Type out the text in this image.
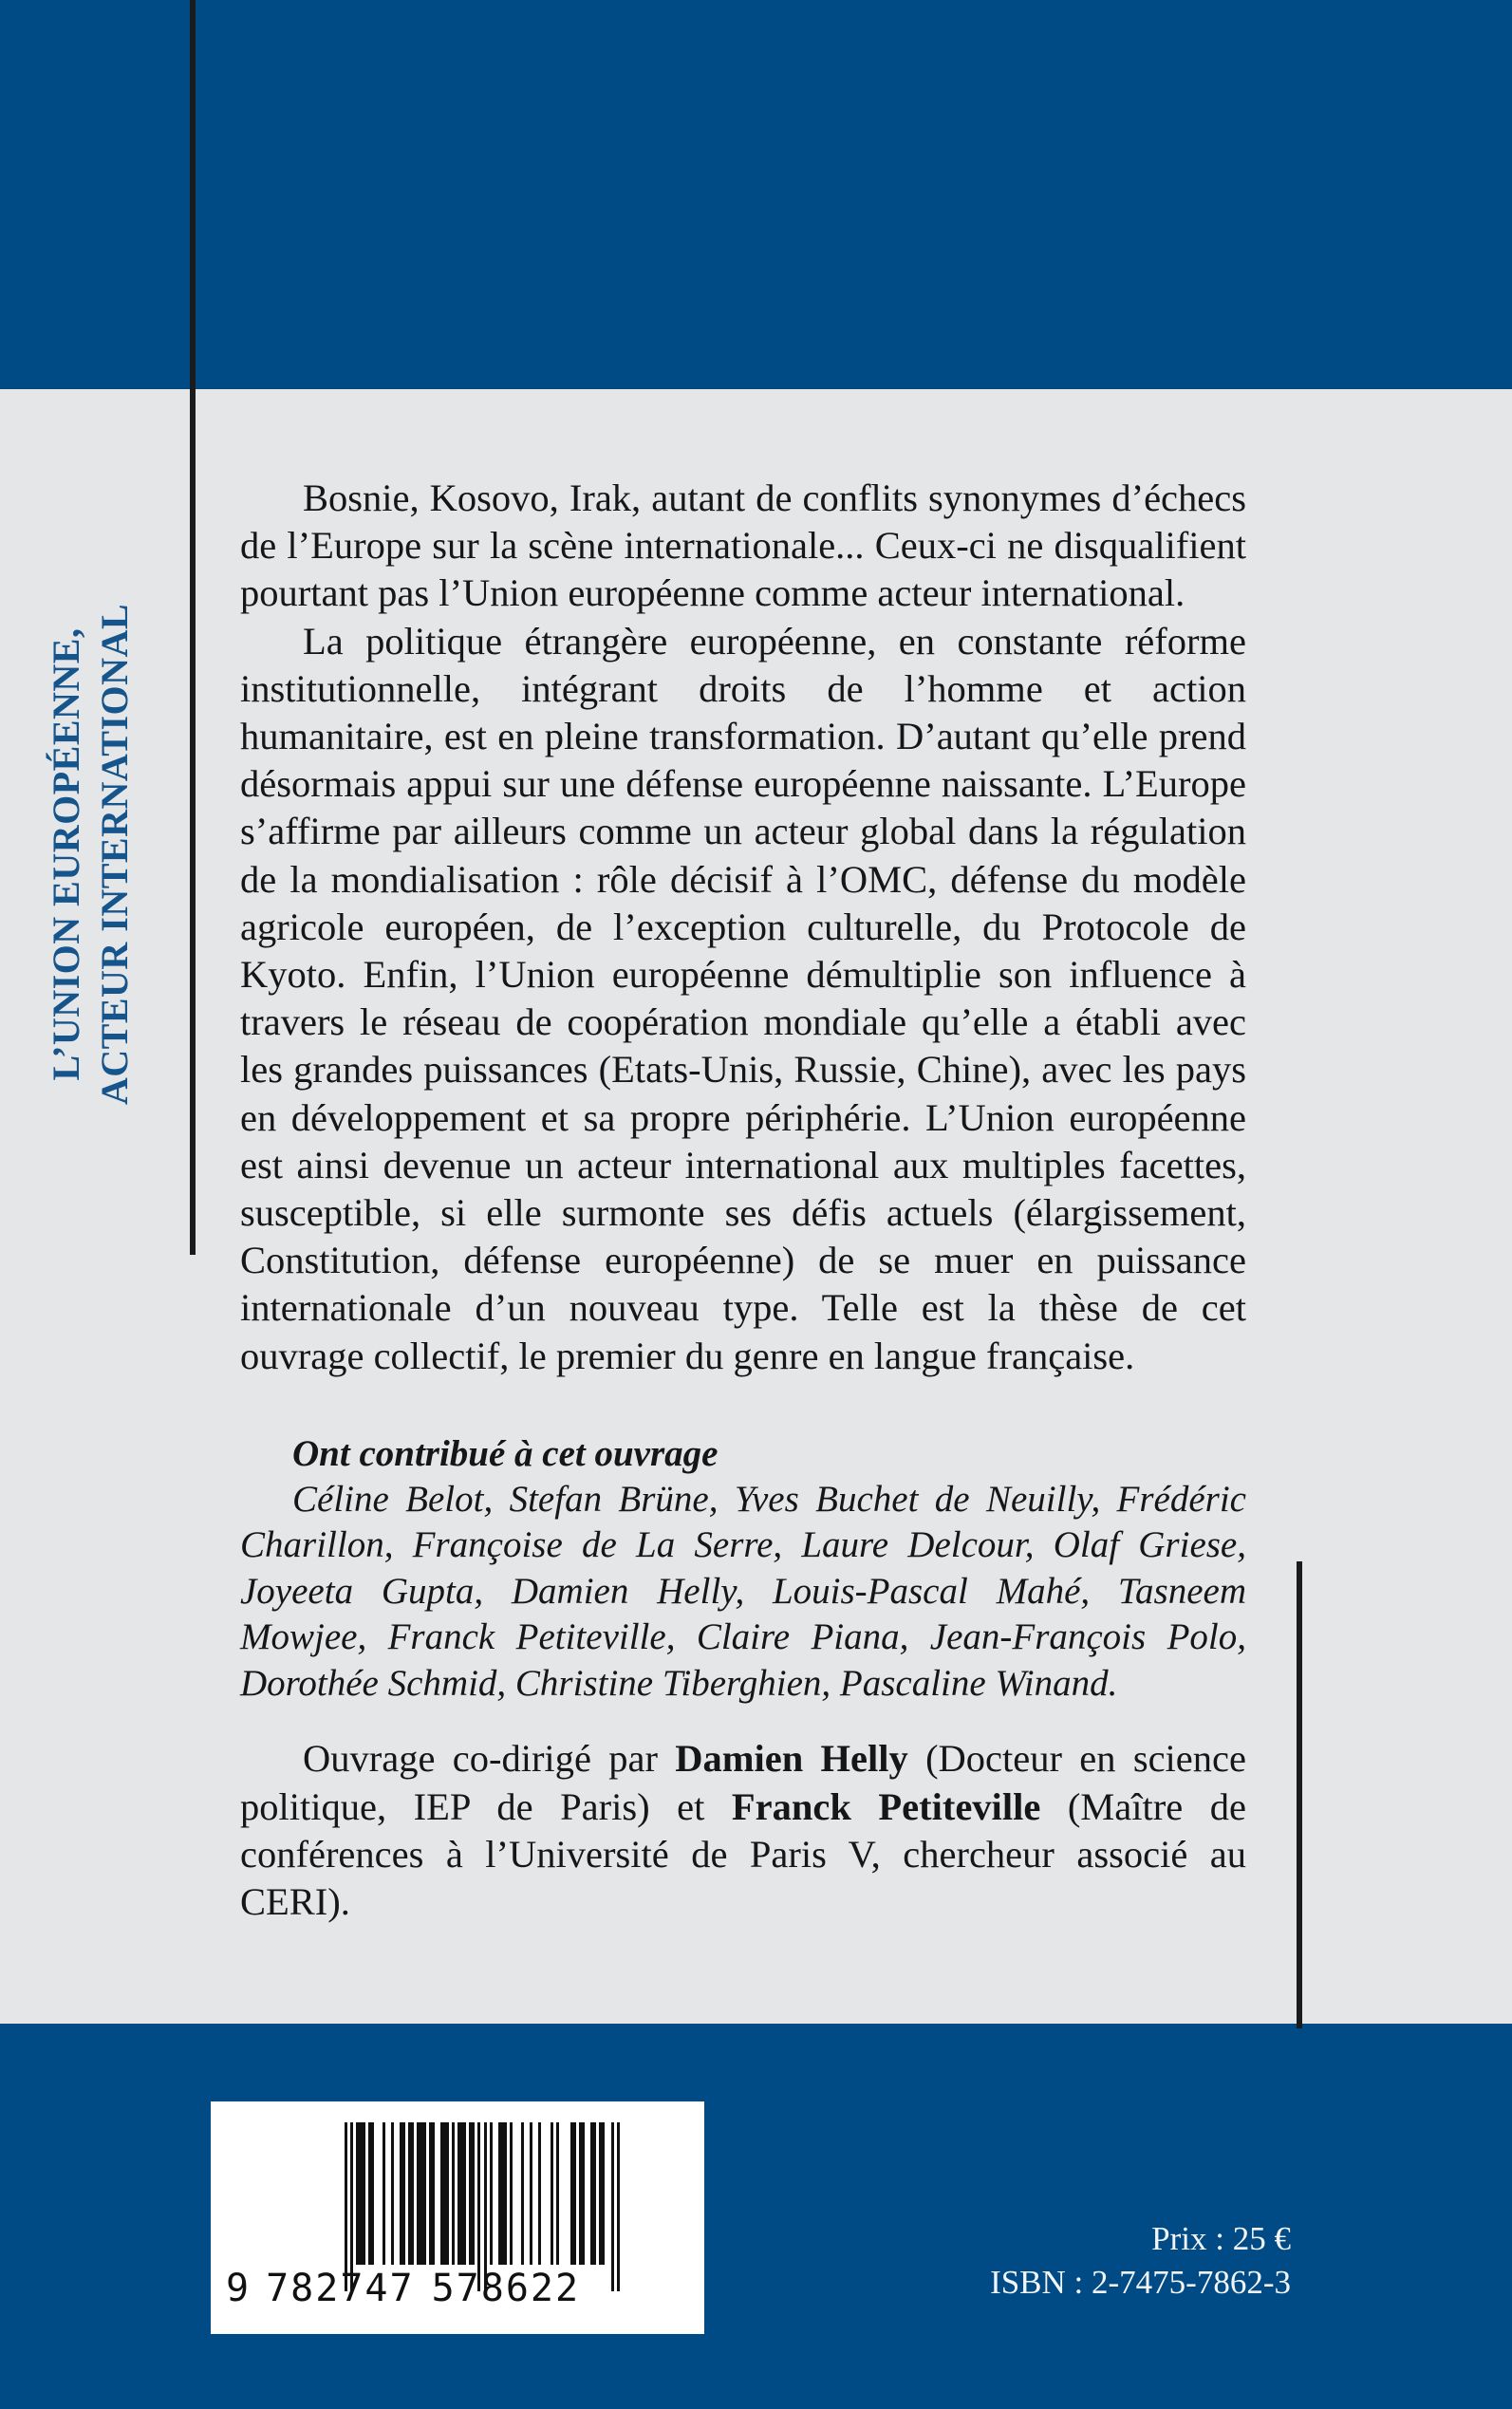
L’UNION EUROPÉENNE, ACTEUR INTERNATIONAL

Bosnie, Kosovo, Irak, autant de conflits synonymes d’échecs de l’Europe sur la scène internationale... Ceux-ci ne disqualifient pourtant pas l’Union européenne comme acteur international.

La politique étrangère européenne, en constante réforme institutionnelle, intégrant droits de l’homme et action humanitaire, est en pleine transformation. D’autant qu’elle prend désormais appui sur une défense européenne naissante. L’Europe s’affirme par ailleurs comme un acteur global dans la régulation de la mondialisation : rôle décisif à l’OMC, défense du modèle agricole européen, de l’exception culturelle, du Protocole de Kyoto. Enfin, l’Union européenne démultiplie son influence à travers le réseau de coopération mondiale qu’elle a établi avec les grandes puissances (Etats-Unis, Russie, Chine), avec les pays en développement et sa propre périphérie. L’Union européenne est ainsi devenue un acteur international aux multiples facettes, susceptible, si elle surmonte ses défis actuels (élargissement, Constitution, défense européenne) de se muer en puissance internationale d’un nouveau type. Telle est la thèse de cet ouvrage collectif, le premier du genre en langue française.

Ont contribué à cet ouvrage

Céline Belot, Stefan Brüne, Yves Buchet de Neuilly, Frédéric Charillon, Françoise de La Serre, Laure Delcour, Olaf Griese, Joyeeta Gupta, Damien Helly, Louis-Pascal Mahé, Tasneem Mowjee, Franck Petiteville, Claire Piana, Jean-François Polo, Dorothée Schmid, Christine Tiberghien, Pascaline Winand.

Ouvrage co-dirigé par Damien Helly (Docteur en science politique, IEP de Paris) et Franck Petiteville (Maître de conférences à l’Université de Paris V, chercheur associé au CERI).

9 782747 578622
Prix : 25 €
ISBN : 2-7475-7862-3
